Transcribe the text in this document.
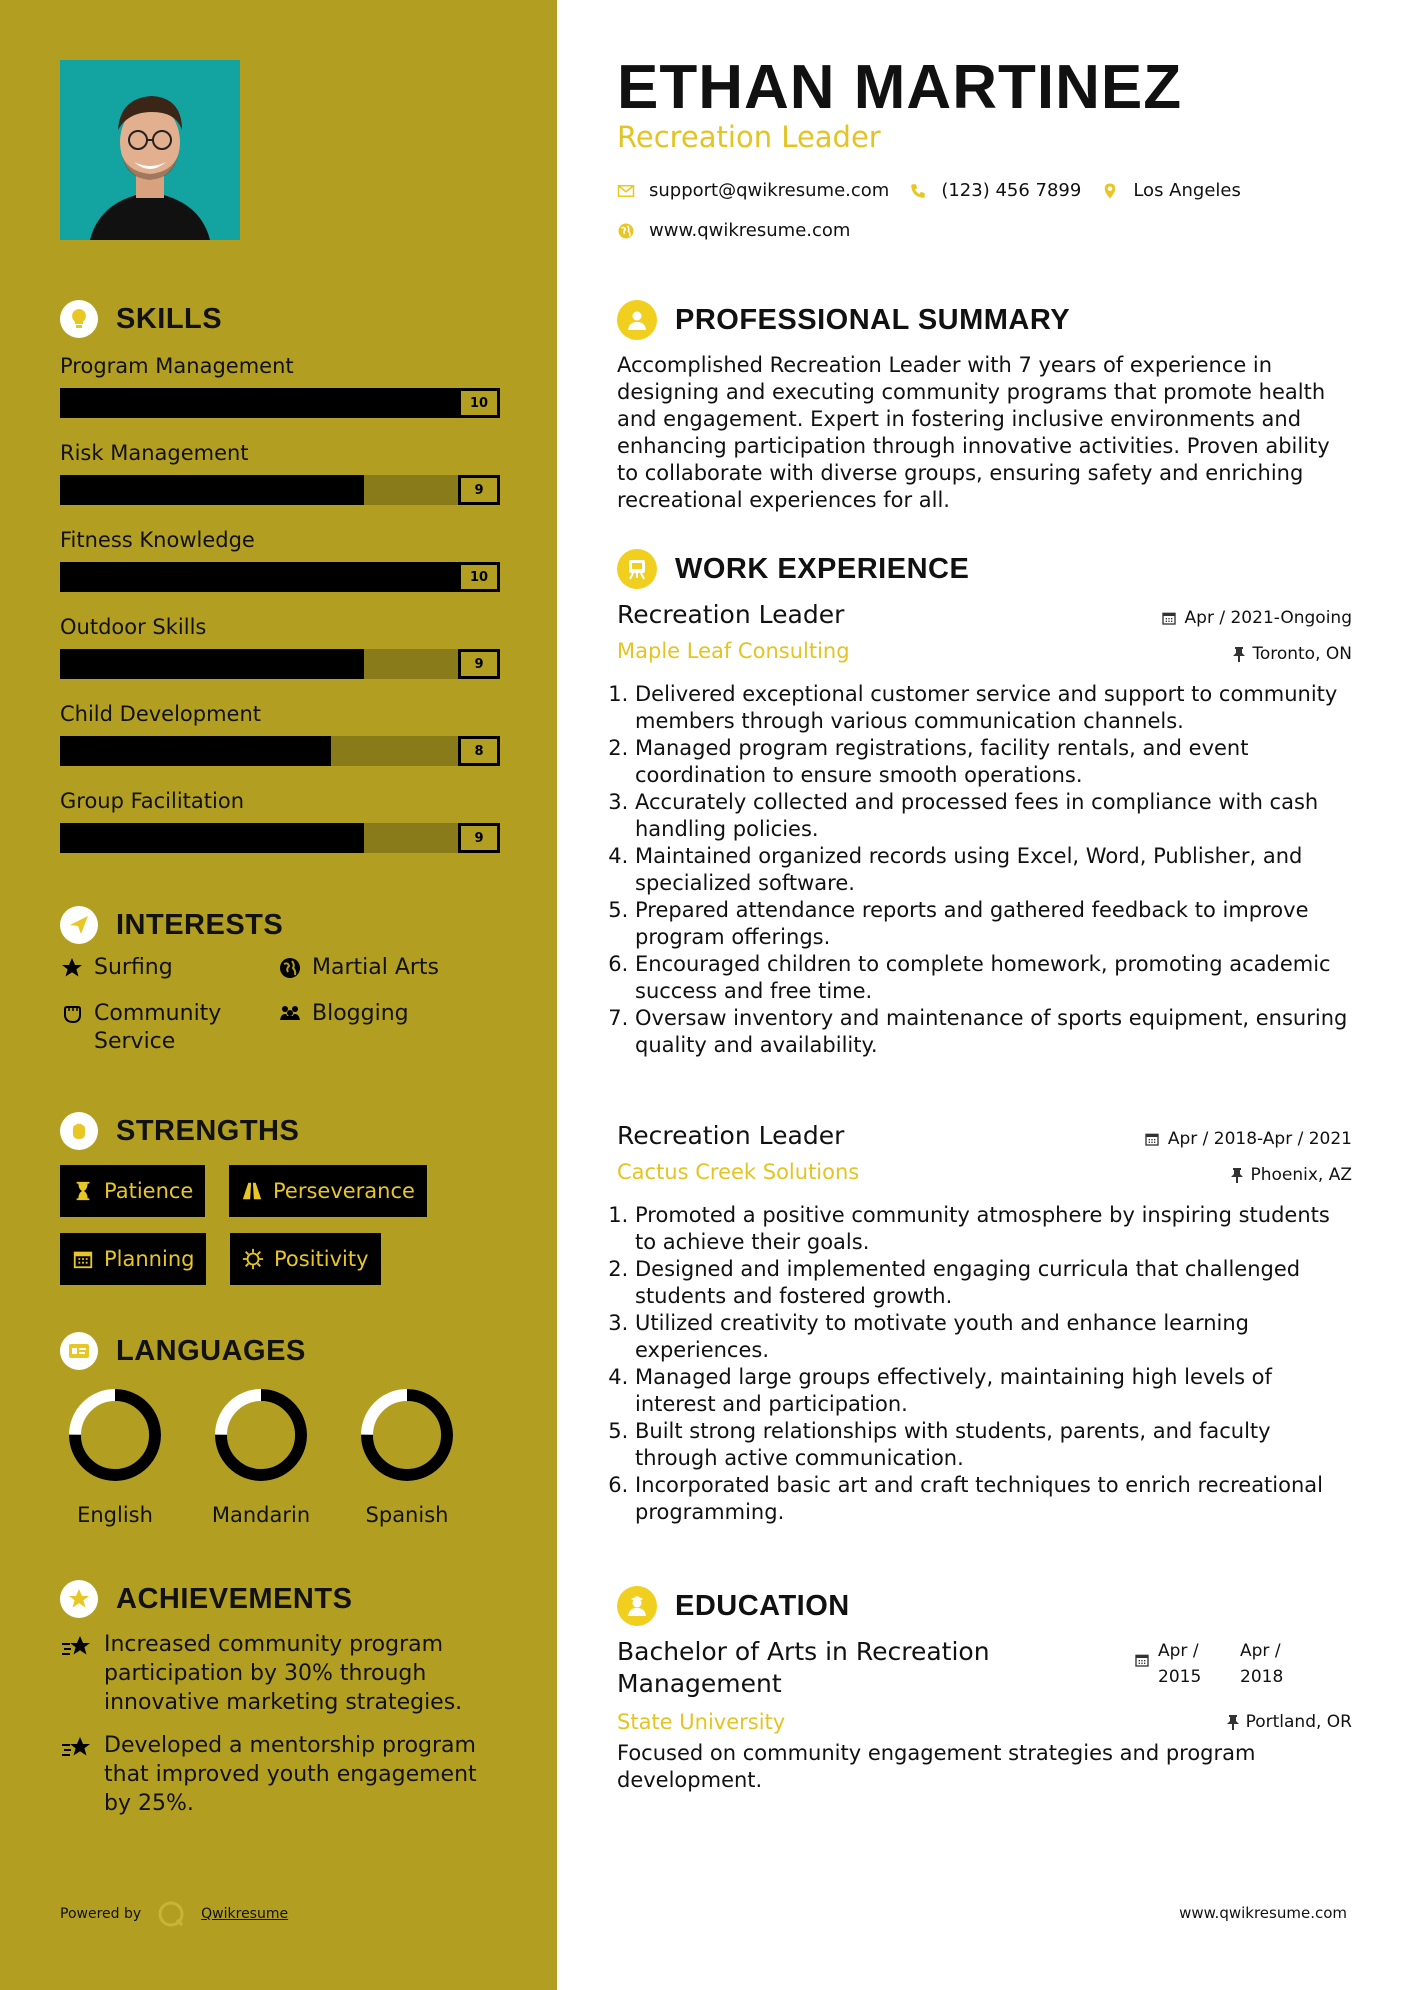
SKILLS
Program Management
10
Risk Management
9
Fitness Knowledge
10
Outdoor Skills
9
Child Development
8
Group Facilitation
9
INTERESTS
Surfing	Martial Arts
Community Service
Blogging
STRENGTHS
Patience	Perseverance
Planning	Positivity
LANGUAGES
English	Mandarin	Spanish
ACHIEVEMENTS
Increased community program participation by 30% through innovative marketing strategies.
Developed a mentorship program that improved youth engagement by 25%.
Powered by	Qwikresume
ETHAN MARTINEZ
Recreation Leader
support@qwikresume.com	(123) 456 7899	Los Angeles
www.qwikresume.com
PROFESSIONAL SUMMARY
Accomplished Recreation Leader with 7 years of experience in designing and executing community programs that promote health and engagement. Expert in fostering inclusive environments and enhancing participation through innovative activities. Proven ability to collaborate with diverse groups, ensuring safety and enriching recreational experiences for all.
WORK EXPERIENCE
Recreation Leader	Apr / 2021-Ongoing
Maple Leaf Consulting	Toronto, ON
1. Delivered exceptional customer service and support to community members through various communication channels.
2. Managed program registrations, facility rentals, and event coordination to ensure smooth operations.
3. Accurately collected and processed fees in compliance with cash handling policies.
4. Maintained organized records using Excel, Word, Publisher, and specialized software.
5. Prepared attendance reports and gathered feedback to improve program offerings.
6. Encouraged children to complete homework, promoting academic success and free time.
7. Oversaw inventory and maintenance of sports equipment, ensuring quality and availability.
Recreation Leader	Apr / 2018-Apr / 2021
Cactus Creek Solutions	Phoenix, AZ
1. Promoted a positive community atmosphere by inspiring students to achieve their goals.
2. Designed and implemented engaging curricula that challenged students and fostered growth.
3. Utilized creativity to motivate youth and enhance learning experiences.
4. Managed large groups effectively, maintaining high levels of interest and participation.
5. Built strong relationships with students, parents, and faculty through active communication.
6. Incorporated basic art and craft techniques to enrich recreational programming.
EDUCATION
Bachelor of Arts in Recreation Management
Apr / 2015
Apr / 2018
State University	Portland, OR
Focused on community engagement strategies and program development.
www.qwikresume.com
